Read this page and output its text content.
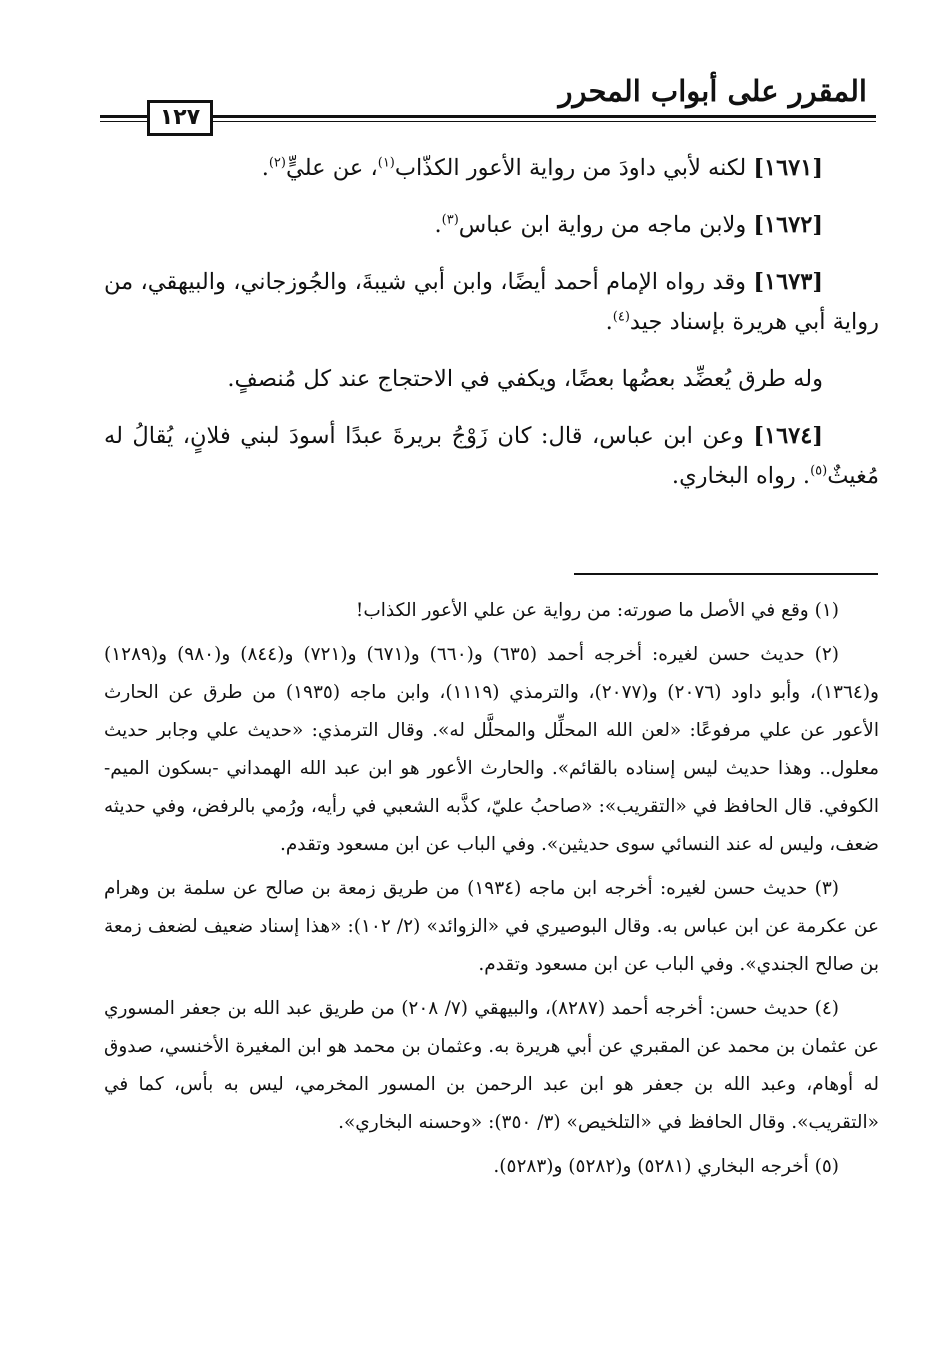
المقرر على أبواب المحرر
١٢٧

[١٦٧١] لكنه لأبي داودَ من رواية الأعور الكذّاب$^{(١)}$، عن عليٍّ$^{(٢)}$.

[١٦٧٢] ولابن ماجه من رواية ابن عباس$^{(٣)}$.

[١٦٧٣] وقد رواه الإمام أحمد أيضًا، وابن أبي شيبةَ، والجُوزجاني، والبيهقي، من رواية أبي هريرة بإسناد جيد$^{(٤)}$.

وله طرق يُعضِّد بعضُها بعضًا، ويكفي في الاحتجاج عند كل مُنصفٍ.

[١٦٧٤] وعن ابن عباس، قال: كان زَوْجُ بريرةَ عبدًا أسودَ لبني فلانٍ، يُقالُ له مُغيثٌ$^{(٥)}$. رواه البخاري.

(١) وقع في الأصل ما صورته: من رواية عن علي الأعور الكذاب!

(٢) حديث حسن لغيره: أخرجه أحمد (٦٣٥) و(٦٦٠) و(٦٧١) و(٧٢١) و(٨٤٤) و(٩٨٠) و(١٢٨٩) و(١٣٦٤)، وأبو داود (٢٠٧٦) و(٢٠٧٧)، والترمذي (١١١٩)، وابن ماجه (١٩٣٥) من طرق عن الحارث الأعور عن علي مرفوعًا: «لعن الله المحلِّل والمحلَّل له». وقال الترمذي: «حديث علي وجابر حديث معلول.. وهذا حديث ليس إسناده بالقائم». والحارث الأعور هو ابن عبد الله الهمداني -بسكون الميم- الكوفي. قال الحافظ في «التقريب»: «صاحبُ عليّ، كذَّبه الشعبي في رأيه، ورُمي بالرفض، وفي حديثه ضعف، وليس له عند النسائي سوى حديثين». وفي الباب عن ابن مسعود وتقدم.

(٣) حديث حسن لغيره: أخرجه ابن ماجه (١٩٣٤) من طريق زمعة بن صالح عن سلمة بن وهرام عن عكرمة عن ابن عباس به. وقال البوصيري في «الزوائد» (٢/ ١٠٢): «هذا إسناد ضعيف لضعف زمعة بن صالح الجندي». وفي الباب عن ابن مسعود وتقدم.

(٤) حديث حسن: أخرجه أحمد (٨٢٨٧)، والبيهقي (٧/ ٢٠٨) من طريق عبد الله بن جعفر المسوري عن عثمان بن محمد عن المقبري عن أبي هريرة به. وعثمان بن محمد هو ابن المغيرة الأخنسي، صدوق له أوهام، وعبد الله بن جعفر هو ابن عبد الرحمن بن المسور المخرمي، ليس به بأس، كما في «التقريب». وقال الحافظ في «التلخيص» (٣/ ٣٥٠): «وحسنه البخاري».

(٥) أخرجه البخاري (٥٢٨١) و(٥٢٨٢) و(٥٢٨٣).
